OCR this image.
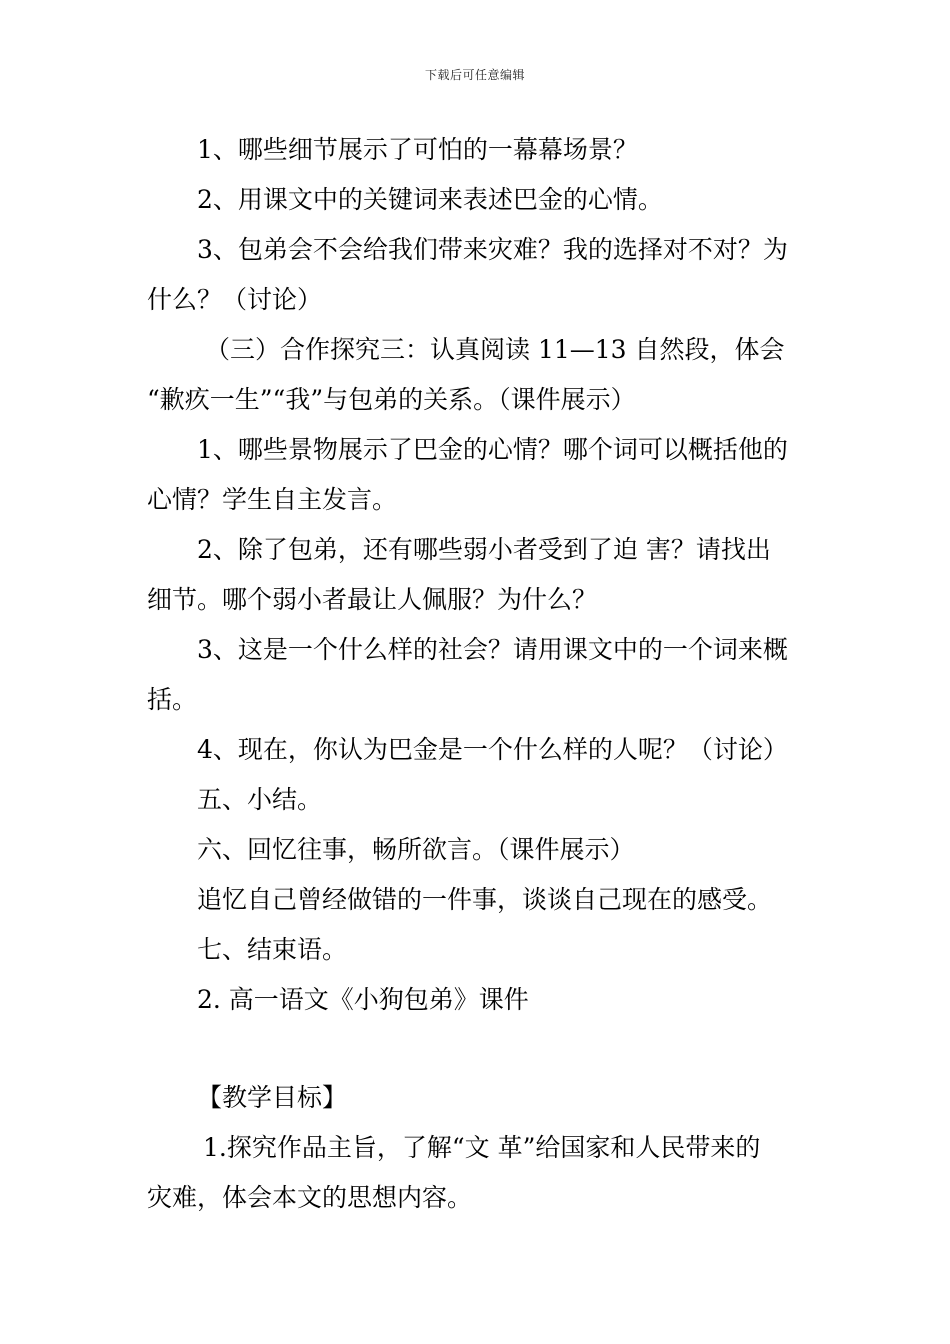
下载后可任意编辑
1、哪些细节展示了可怕的一幕幕场景？
2、用课文中的关键词来表述巴金的心情。
3、包弟会不会给我们带来灾难？我的选择对不对？为
什么？（讨论）
（三）合作探究三：认真阅读 11—13 自然段，体会
“歉疚一生”“我”与包弟的关系。（课件展示）
1、哪些景物展示了巴金的心情？哪个词可以概括他的
心情？学生自主发言。
2、除了包弟，还有哪些弱小者受到了迫 害？请找出
细节。哪个弱小者最让人佩服？为什么？
3、这是一个什么样的社会？请用课文中的一个词来概
括。
4、现在，你认为巴金是一个什么样的人呢？（讨论）
五、小结。
六、回忆往事，畅所欲言。（课件展示）
追忆自己曾经做错的一件事，谈谈自己现在的感受。
七、结束语。
2. 高一语文《小狗包弟》课件
【教学目标】
1.探究作品主旨，了解“文 革”给国家和人民带来的
灾难，体会本文的思想内容。
